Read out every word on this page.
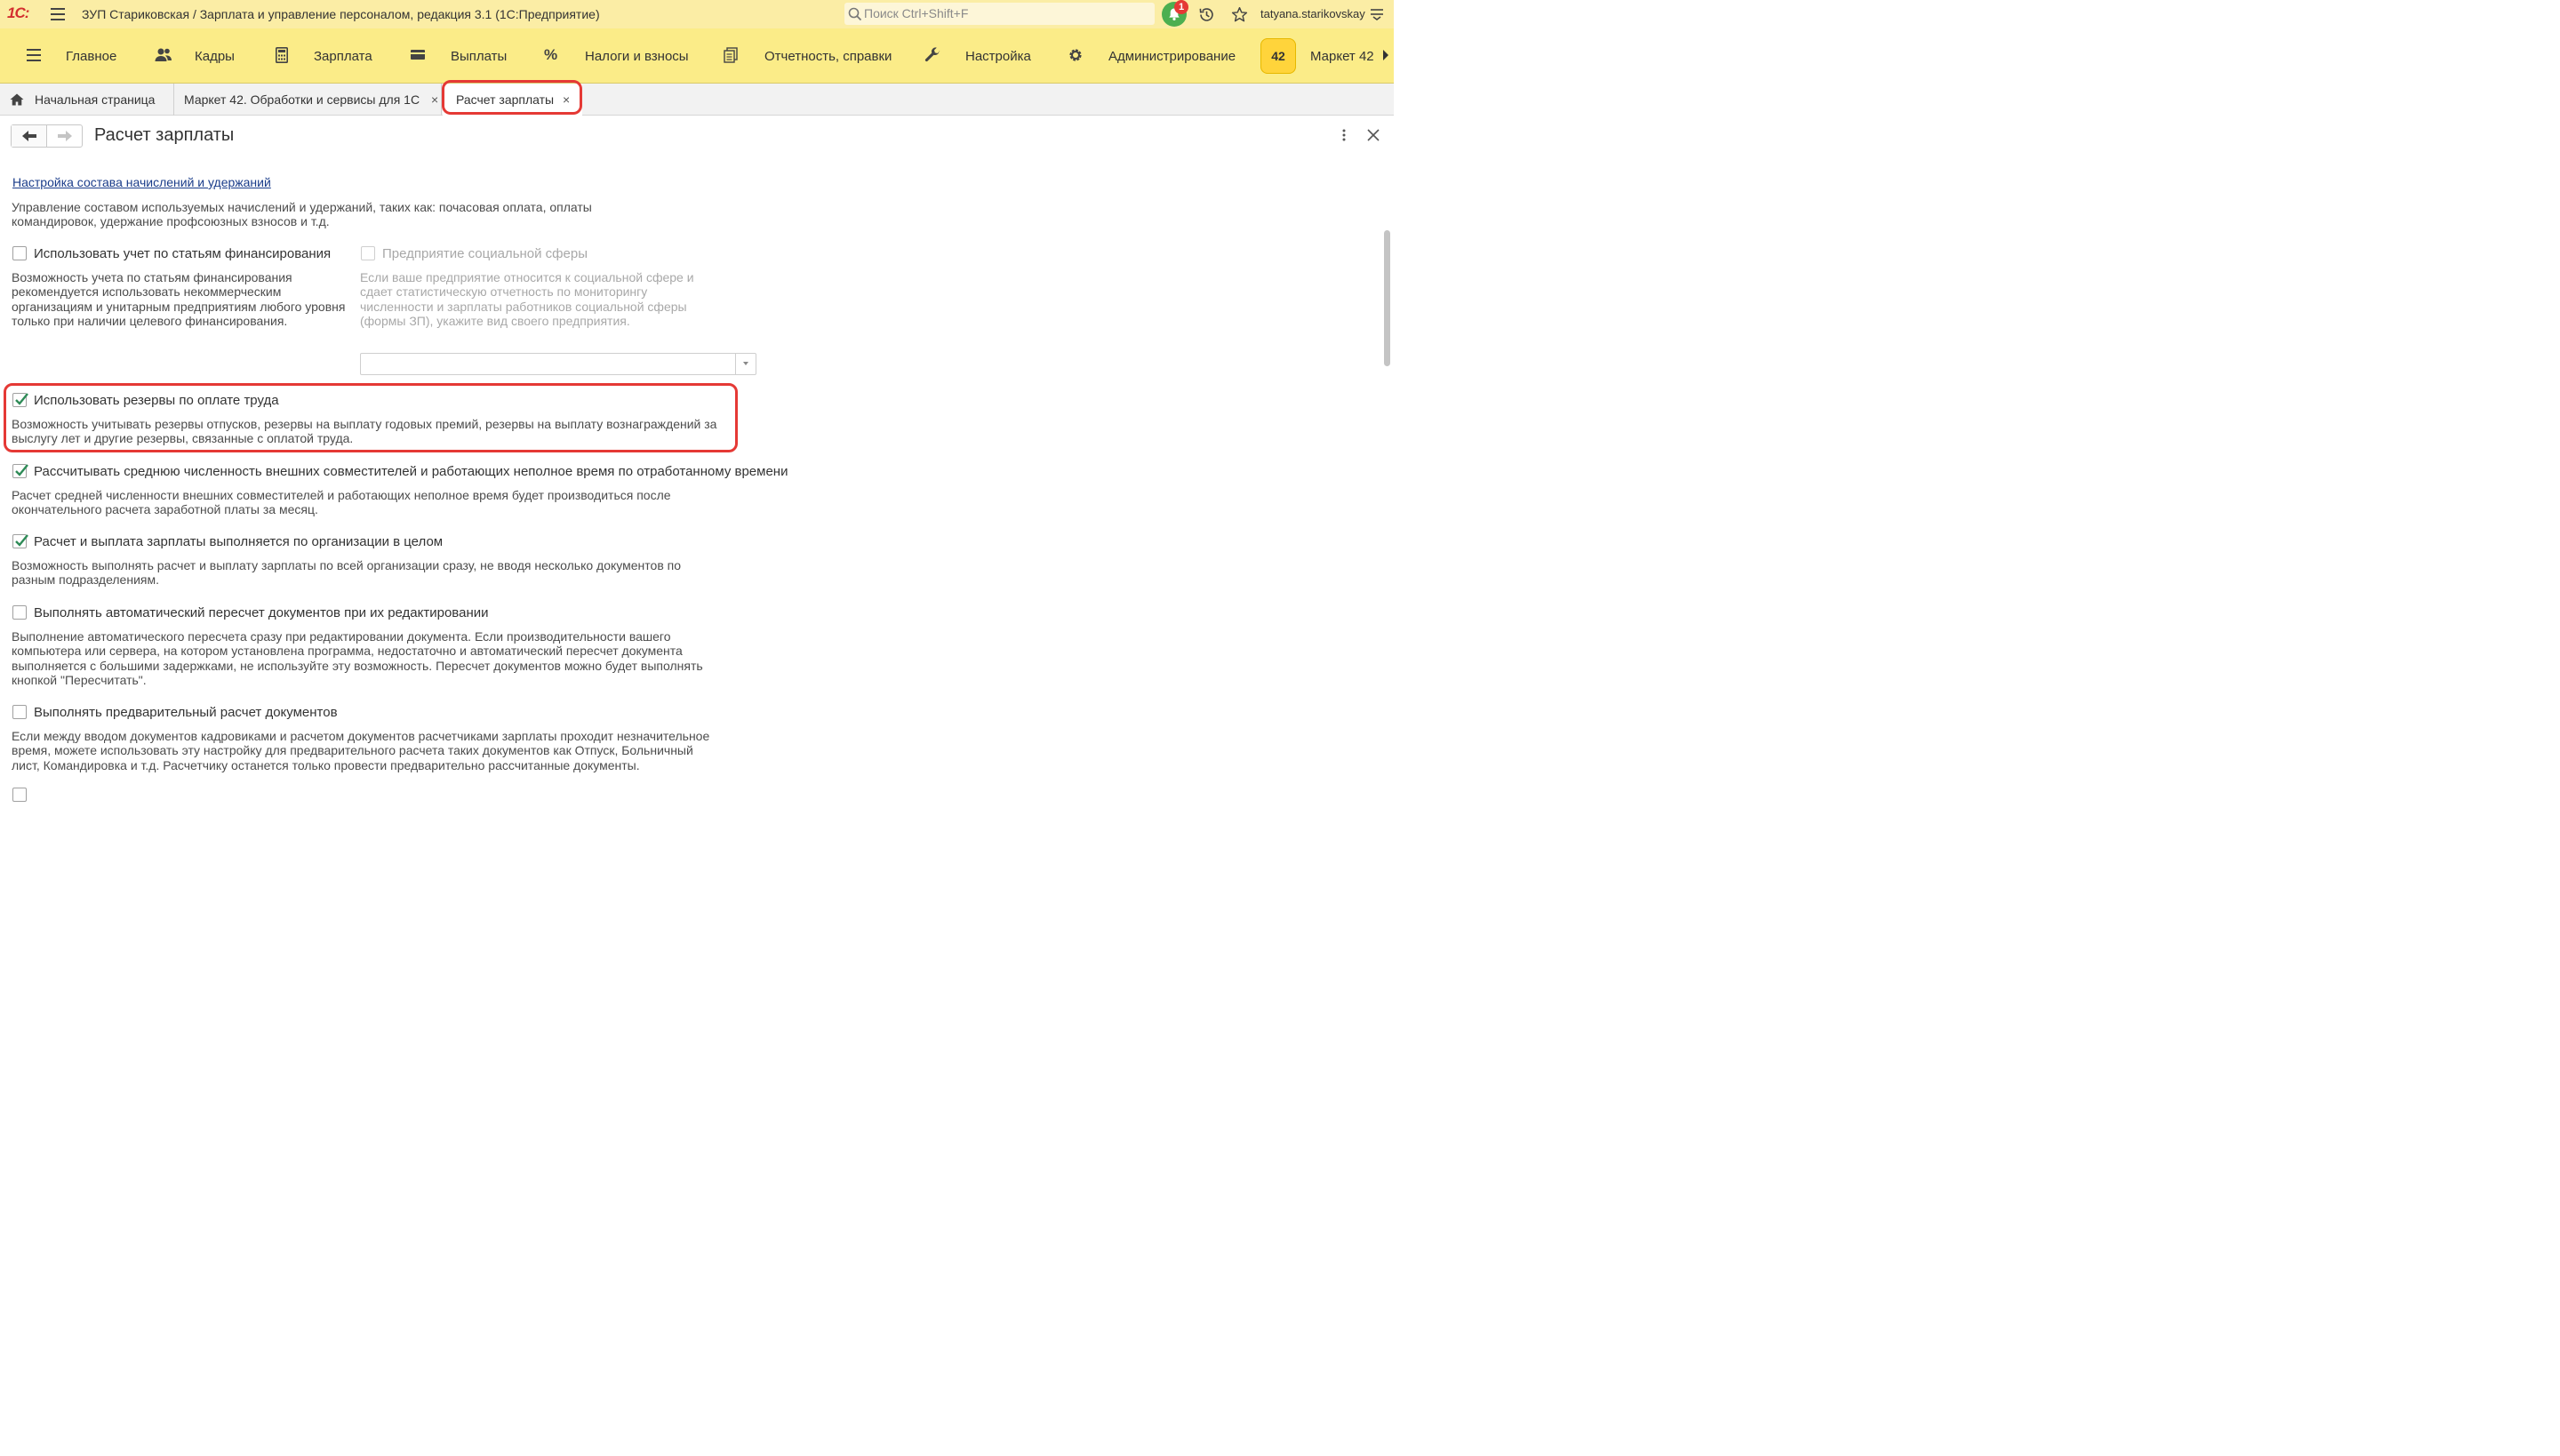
1С:	ЗУП Стариковская / Зарплата и управление персоналом, редакция 3.1 (1С:Предприятие)	Поиск Ctrl+Shift+F	1	tatyana.starikovskay
Главное	Кадры	Зарплата	Выплаты % Налоги и взносы	Отчетность, справки	Настройка	Администрирование	42	Маркет 42
Начальная страница Маркет 42. Обработки и сервисы для 1С × Расчет зарплаты ×
Расчет зарплаты
Настройка состава начислений и удержаний
Управление составом используемых начислений и удержаний, таких как: почасовая оплата, оплаты командировок, удержание профсоюзных взносов и т.д.
Использовать учет по статьям финансирования
Возможность учета по статьям финансирования рекомендуется использовать некоммерческим организациям и унитарным предприятиям любого уровня только при наличии целевого финансирования.
Предприятие социальной сферы
Если ваше предприятие относится к социальной сфере и сдает статистическую отчетность по мониторингу численности и зарплаты работников социальной сферы (формы ЗП), укажите вид своего предприятия.
Использовать резервы по оплате труда
Возможность учитывать резервы отпусков, резервы на выплату годовых премий, резервы на выплату вознаграждений за выслугу лет и другие резервы, связанные с оплатой труда.
Рассчитывать среднюю численность внешних совместителей и работающих неполное время по отработанному времени
Расчет средней численности внешних совместителей и работающих неполное время будет производиться после окончательного расчета заработной платы за месяц.
Расчет и выплата зарплаты выполняется по организации в целом
Возможность выполнять расчет и выплату зарплаты по всей организации сразу, не вводя несколько документов по разным подразделениям.
Выполнять автоматический пересчет документов при их редактировании
Выполнение автоматического пересчета сразу при редактировании документа. Если производительности вашего компьютера или сервера, на котором установлена программа, недостаточно и автоматический пересчет документа выполняется с большими задержками, не используйте эту возможность. Пересчет документов можно будет выполнять кнопкой "Пересчитать".
Выполнять предварительный расчет документов
Если между вводом документов кадровиками и расчетом документов расчетчиками зарплаты проходит незначительное время, можете использовать эту настройку для предварительного расчета таких документов как Отпуск, Больничный лист, Командировка и т.д. Расчетчику останется только провести предварительно рассчитанные документы.
